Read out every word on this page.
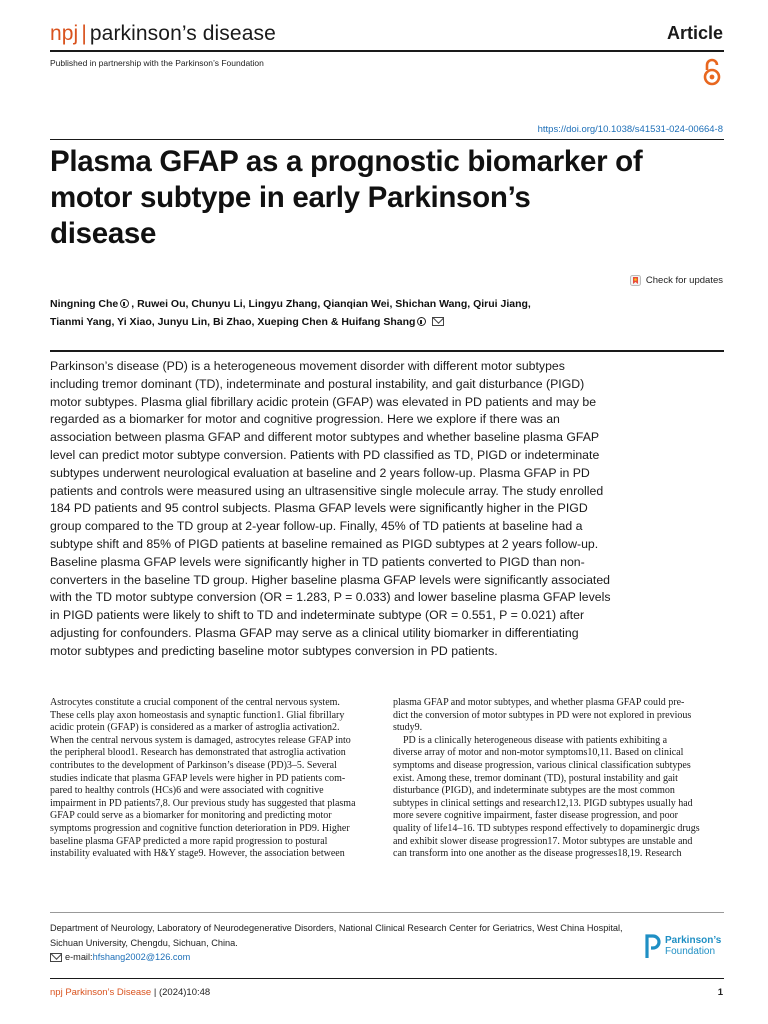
npj | parkinson’s disease	Article
Published in partnership with the Parkinson’s Foundation
https://doi.org/10.1038/s41531-024-00664-8
Plasma GFAP as a prognostic biomarker of
motor subtype in early Parkinson’s
disease
Check for updates
Ningning Che , Ruwei Ou, Chunyu Li, Lingyu Zhang, Qianqian Wei, Shichan Wang, Qirui Jiang,
Tianmi Yang, Yi Xiao, Junyu Lin, Bi Zhao, Xueping Chen & Huifang Shang
Parkinson’s disease (PD) is a heterogeneous movement disorder with different motor subtypes
including tremor dominant (TD), indeterminate and postural instability, and gait disturbance (PIGD)
motor subtypes. Plasma glial fibrillary acidic protein (GFAP) was elevated in PD patients and may be
regarded as a biomarker for motor and cognitive progression. Here we explore if there was an
association between plasma GFAP and different motor subtypes and whether baseline plasma GFAP
level can predict motor subtype conversion. Patients with PD classified as TD, PIGD or indeterminate
subtypes underwent neurological evaluation at baseline and 2 years follow-up. Plasma GFAP in PD
patients and controls were measured using an ultrasensitive single molecule array. The study enrolled
184 PD patients and 95 control subjects. Plasma GFAP levels were significantly higher in the PIGD
group compared to the TD group at 2-year follow-up. Finally, 45% of TD patients at baseline had a
subtype shift and 85% of PIGD patients at baseline remained as PIGD subtypes at 2 years follow-up.
Baseline plasma GFAP levels were significantly higher in TD patients converted to PIGD than non-
converters in the baseline TD group. Higher baseline plasma GFAP levels were significantly associated
with the TD motor subtype conversion (OR = 1.283, P = 0.033) and lower baseline plasma GFAP levels
in PIGD patients were likely to shift to TD and indeterminate subtype (OR = 0.551, P = 0.021) after
adjusting for confounders. Plasma GFAP may serve as a clinical utility biomarker in differentiating
motor subtypes and predicting baseline motor subtypes conversion in PD patients.
Astrocytes constitute a crucial component of the central nervous system.
These cells play axon homeostasis and synaptic function1. Glial fibrillary
acidic protein (GFAP) is considered as a marker of astroglia activation2.
When the central nervous system is damaged, astrocytes release GFAP into
the peripheral blood1. Research has demonstrated that astroglia activation
contributes to the development of Parkinson’s disease (PD)3–5. Several
studies indicate that plasma GFAP levels were higher in PD patients com-
pared to healthy controls (HCs)6 and were associated with cognitive
impairment in PD patients7,8. Our previous study has suggested that plasma
GFAP could serve as a biomarker for monitoring and predicting motor
symptoms progression and cognitive function deterioration in PD9. Higher
baseline plasma GFAP predicted a more rapid progression to postural
instability evaluated with H&Y stage9. However, the association between
plasma GFAP and motor subtypes, and whether plasma GFAP could pre-
dict the conversion of motor subtypes in PD were not explored in previous
study9.
PD is a clinically heterogeneous disease with patients exhibiting a
diverse array of motor and non-motor symptoms10,11. Based on clinical
symptoms and disease progression, various clinical classification subtypes
exist. Among these, tremor dominant (TD), postural instability and gait
disturbance (PIGD), and indeterminate subtypes are the most common
subtypes in clinical settings and research12,13. PIGD subtypes usually had
more severe cognitive impairment, faster disease progression, and poor
quality of life14–16. TD subtypes respond effectively to dopaminergic drugs
and exhibit slower disease progression17. Motor subtypes are unstable and
can transform into one another as the disease progresses18,19. Research
Department of Neurology, Laboratory of Neurodegenerative Disorders, National Clinical Research Center for Geriatrics, West China Hospital,
Sichuan University, Chengdu, Sichuan, China.
e-mail: hfshang2002@126.com
Parkinson’s
Foundation
npj Parkinson’s Disease | (2024)10:48	1
